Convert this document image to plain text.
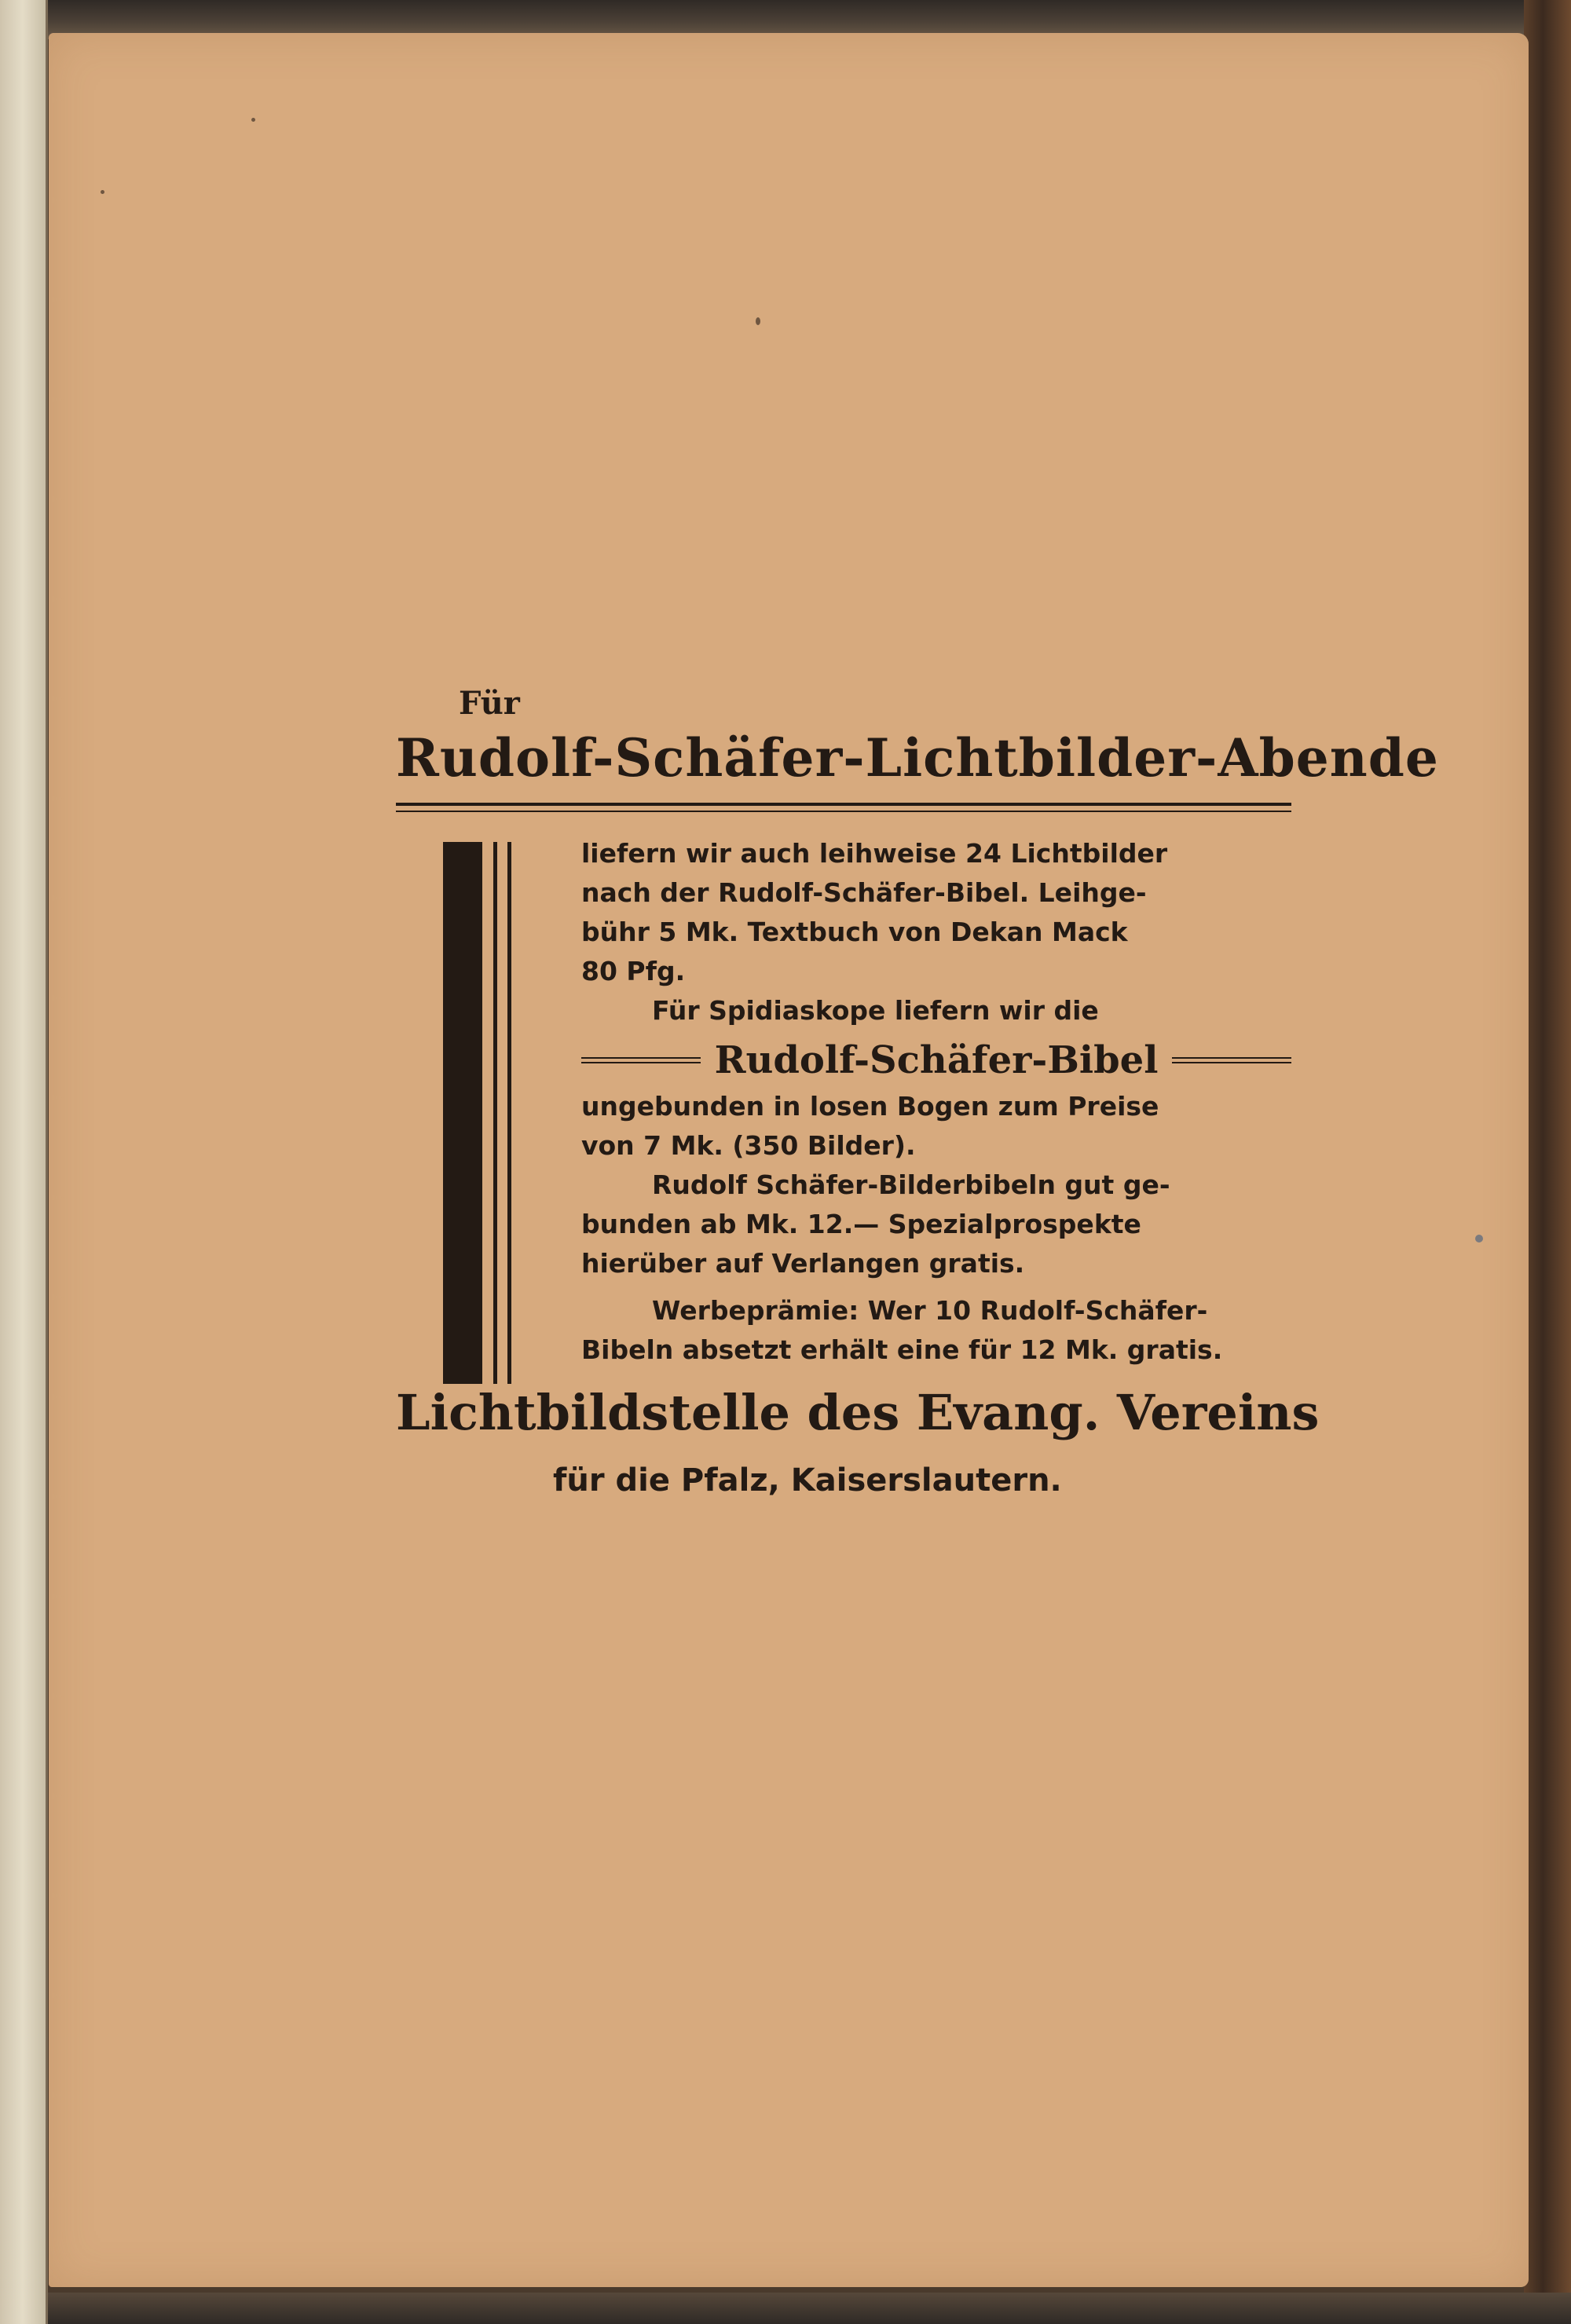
Für
Rudolf-Schäfer-Lichtbilder-Abende

liefern wir auch leihweise 24 Lichtbilder

nach der Rudolf-Schäfer-Bibel. Leihge-

bühr 5 Mk. Textbuch von Dekan Mack

80 Pfg.

Für Spidiaskope liefern wir die

Rudolf-Schäfer-Bibel

ungebunden in losen Bogen zum Preise

von 7 Mk. (350 Bilder).

Rudolf Schäfer-Bilderbibeln gut ge-

bunden ab Mk. 12.— Spezialprospekte

hierüber auf Verlangen gratis.

Werbeprämie: Wer 10 Rudolf-Schäfer-

Bibeln absetzt erhält eine für 12 Mk. gratis.

Lichtbildstelle des Evang. Vereins
für die Pfalz, Kaiserslautern.
